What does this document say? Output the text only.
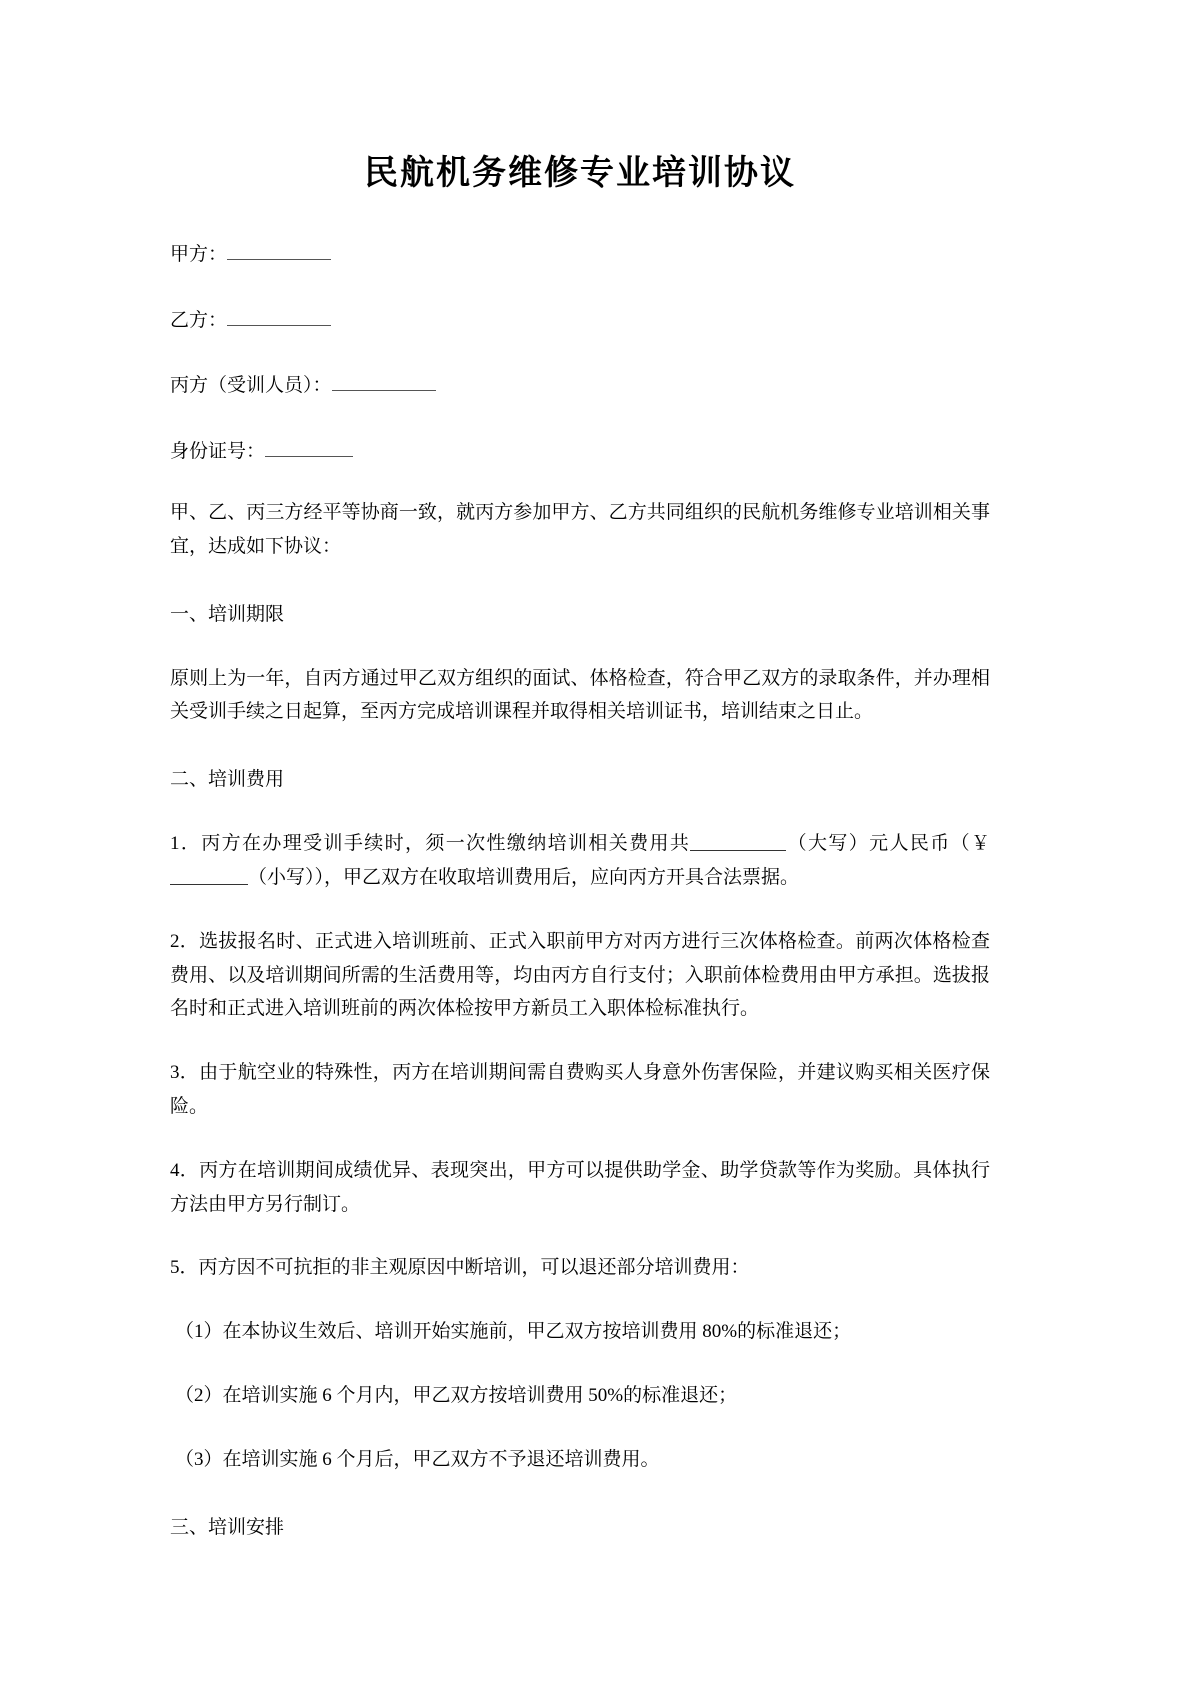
民航机务维修专业培训协议
甲方：
乙方：
丙方（受训人员）：
身份证号：

甲、乙、丙三方经平等协商一致，就丙方参加甲方、乙方共同组织的民航机务维修专业培训相关事宜，达成如下协议：

一、培训期限

原则上为一年，自丙方通过甲乙双方组织的面试、体格检查，符合甲乙双方的录取条件，并办理相关受训手续之日起算，至丙方完成培训课程并取得相关培训证书，培训结束之日止。

二、培训费用

1．丙方在办理受训手续时，须一次性缴纳培训相关费用共	（大写）元人民币（￥（小写）），甲乙双方在收取培训费用后，应向丙方开具合法票据。

2．选拔报名时、正式进入培训班前、正式入职前甲方对丙方进行三次体格检查。前两次体格检查费用、以及培训期间所需的生活费用等，均由丙方自行支付；入职前体检费用由甲方承担。选拔报名时和正式进入培训班前的两次体检按甲方新员工入职体检标准执行。

3．由于航空业的特殊性，丙方在培训期间需自费购买人身意外伤害保险，并建议购买相关医疗保险。

4．丙方在培训期间成绩优异、表现突出，甲方可以提供助学金、助学贷款等作为奖励。具体执行方法由甲方另行制订。

5．丙方因不可抗拒的非主观原因中断培训，可以退还部分培训费用：

（1）在本协议生效后、培训开始实施前，甲乙双方按培训费用 80%的标准退还；

（2）在培训实施 6 个月内，甲乙双方按培训费用 50%的标准退还；

（3）在培训实施 6 个月后，甲乙双方不予退还培训费用。

三、培训安排
